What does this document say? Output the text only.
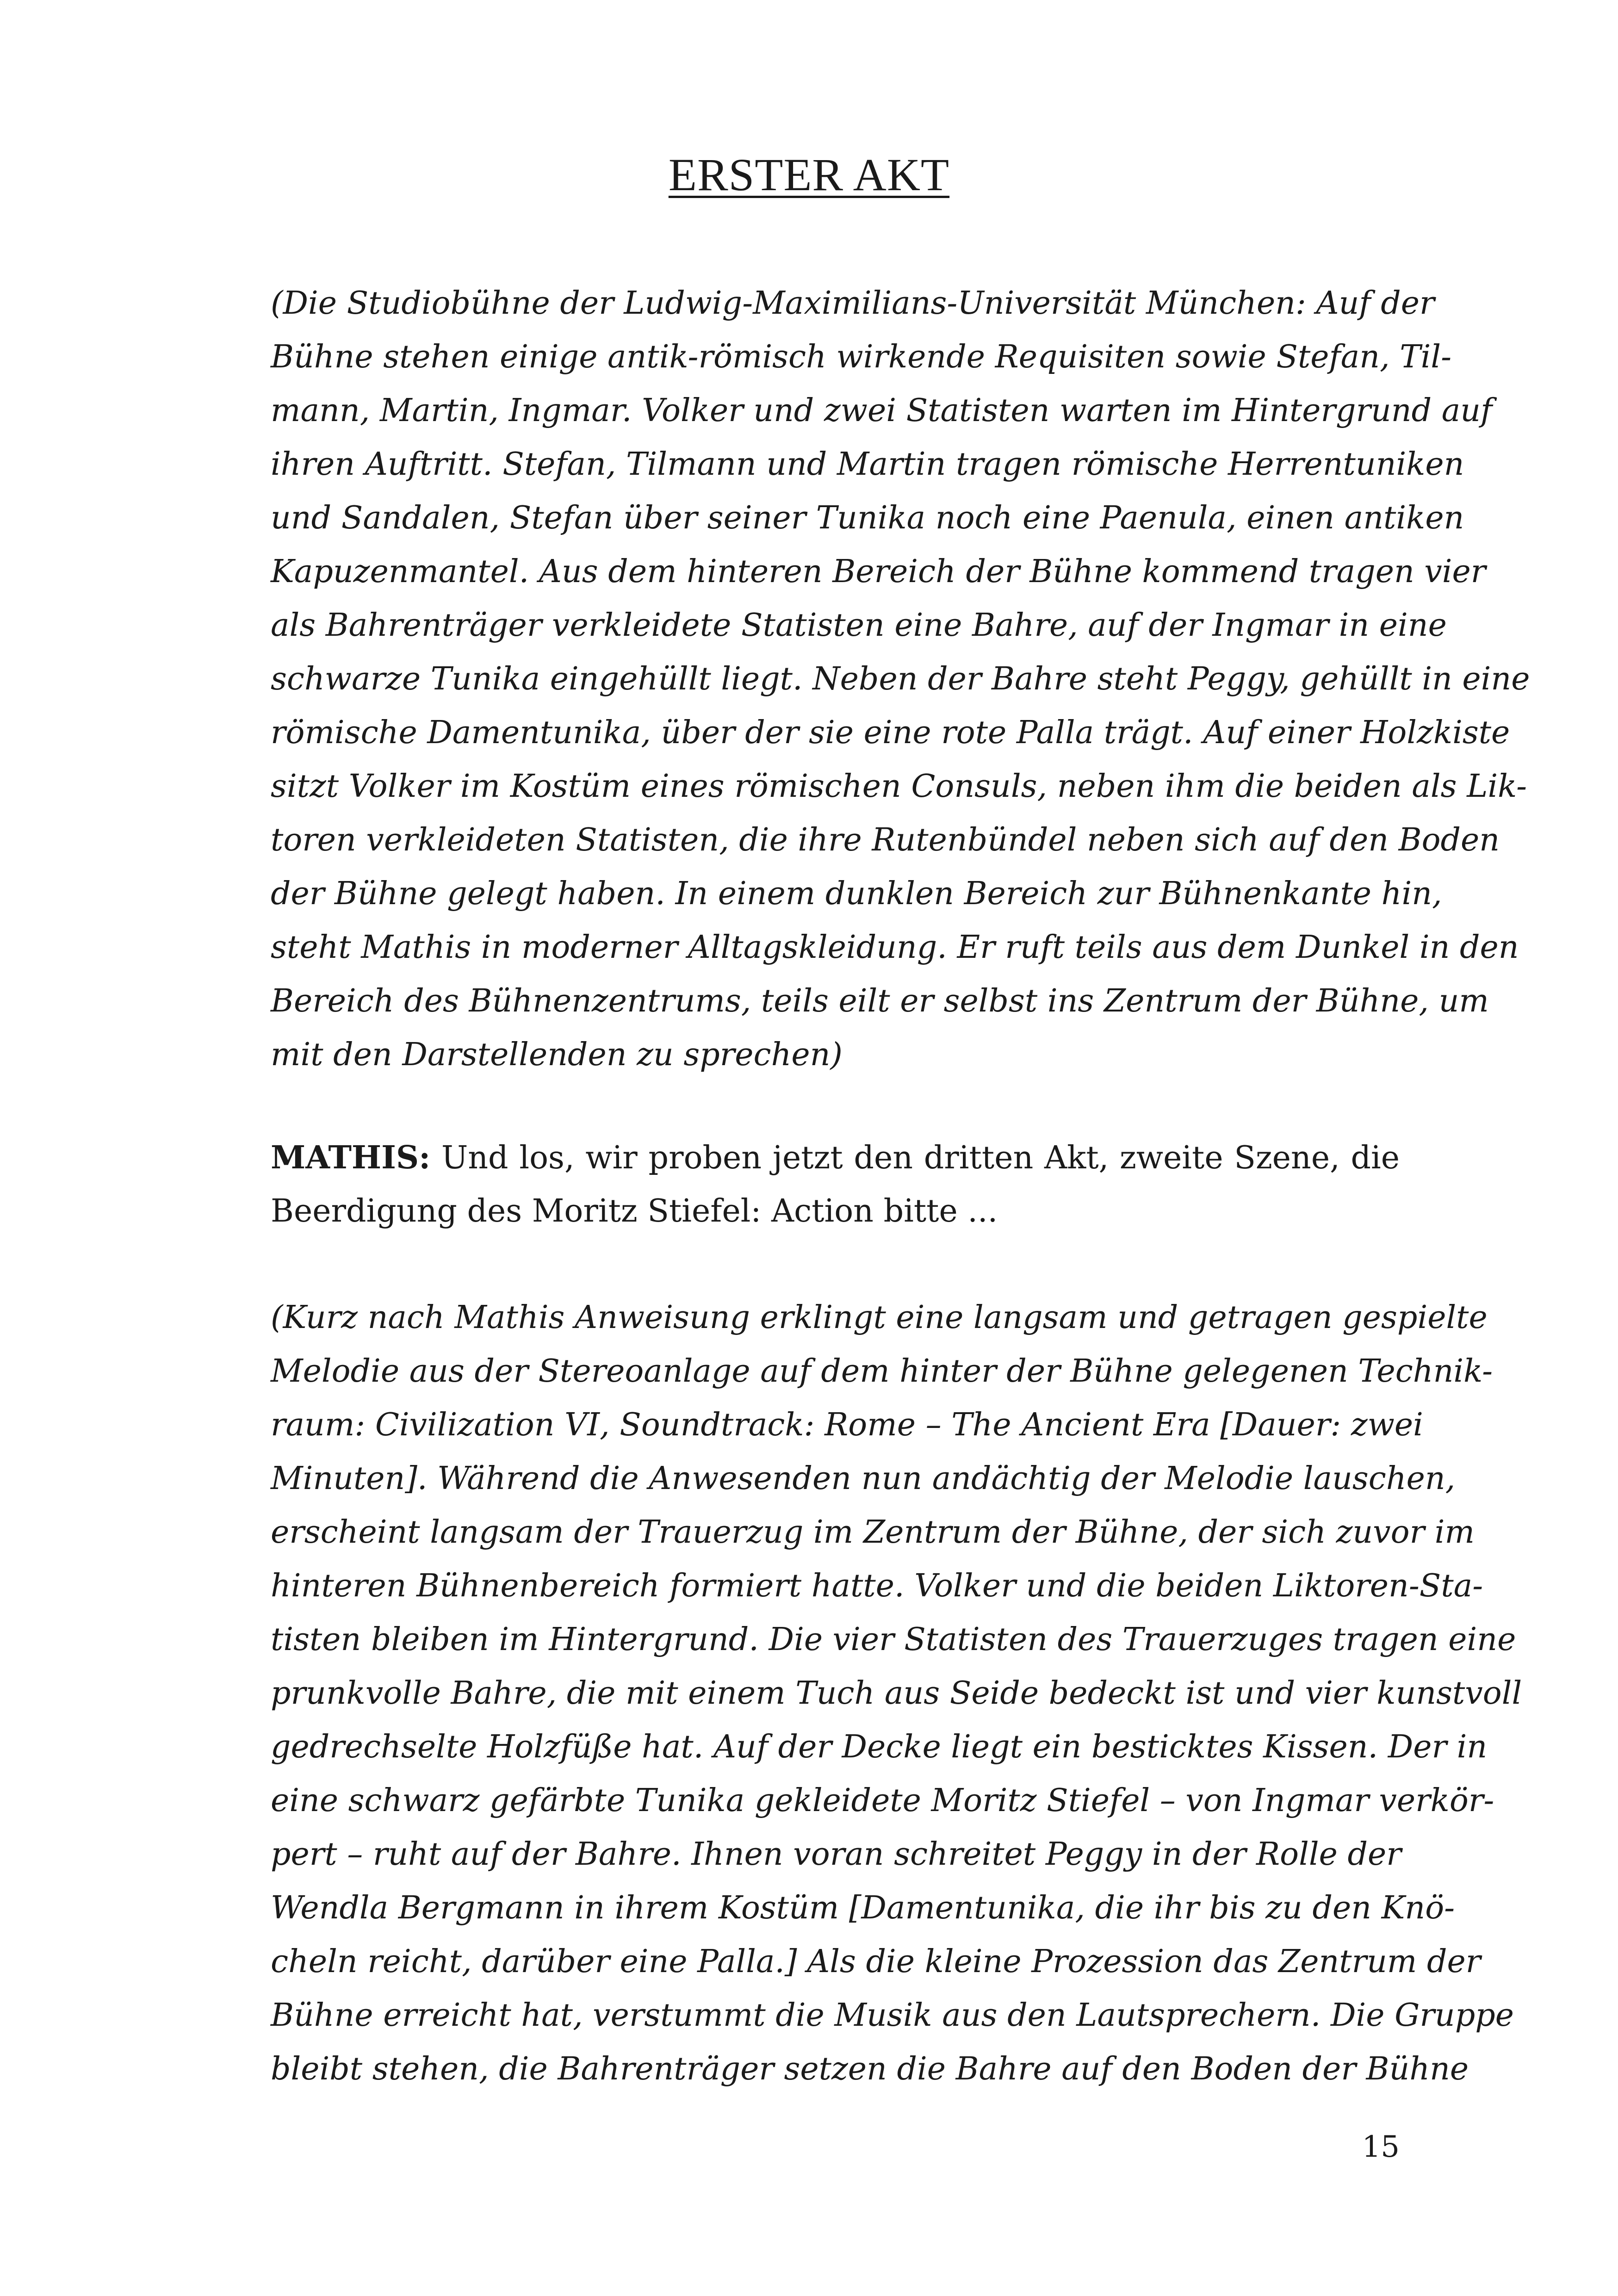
ERSTER AKT
(Die Studiobühne der Ludwig-Maximilians-Universität München: Auf der
Bühne stehen einige antik-römisch wirkende Requisiten sowie Stefan, Til-
mann, Martin, Ingmar. Volker und zwei Statisten warten im Hintergrund auf
ihren Auftritt. Stefan, Tilmann und Martin tragen römische Herrentuniken
und Sandalen, Stefan über seiner Tunika noch eine Paenula, einen antiken
Kapuzenmantel. Aus dem hinteren Bereich der Bühne kommend tragen vier
als Bahrenträger verkleidete Statisten eine Bahre, auf der Ingmar in eine
schwarze Tunika eingehüllt liegt. Neben der Bahre steht Peggy, gehüllt in eine
römische Damentunika, über der sie eine rote Palla trägt. Auf einer Holzkiste
sitzt Volker im Kostüm eines römischen Consuls, neben ihm die beiden als Lik-
toren verkleideten Statisten, die ihre Rutenbündel neben sich auf den Boden
der Bühne gelegt haben. In einem dunklen Bereich zur Bühnenkante hin,
steht Mathis in moderner Alltagskleidung. Er ruft teils aus dem Dunkel in den
Bereich des Bühnenzentrums, teils eilt er selbst ins Zentrum der Bühne, um
mit den Darstellenden zu sprechen)
MATHIS: Und los, wir proben jetzt den dritten Akt, zweite Szene, die
Beerdigung des Moritz Stiefel: Action bitte ...
(Kurz nach Mathis Anweisung erklingt eine langsam und getragen gespielte
Melodie aus der Stereoanlage auf dem hinter der Bühne gelegenen Technik-
raum: Civilization VI, Soundtrack: Rome – The Ancient Era [Dauer: zwei
Minuten]. Während die Anwesenden nun andächtig der Melodie lauschen,
erscheint langsam der Trauerzug im Zentrum der Bühne, der sich zuvor im
hinteren Bühnenbereich formiert hatte. Volker und die beiden Liktoren-Sta-
tisten bleiben im Hintergrund. Die vier Statisten des Trauerzuges tragen eine
prunkvolle Bahre, die mit einem Tuch aus Seide bedeckt ist und vier kunstvoll
gedrechselte Holzfüße hat. Auf der Decke liegt ein besticktes Kissen. Der in
eine schwarz gefärbte Tunika gekleidete Moritz Stiefel – von Ingmar verkör-
pert – ruht auf der Bahre. Ihnen voran schreitet Peggy in der Rolle der
Wendla Bergmann in ihrem Kostüm [Damentunika, die ihr bis zu den Knö-
cheln reicht, darüber eine Palla.] Als die kleine Prozession das Zentrum der
Bühne erreicht hat, verstummt die Musik aus den Lautsprechern. Die Gruppe
bleibt stehen, die Bahrenträger setzen die Bahre auf den Boden der Bühne
15
